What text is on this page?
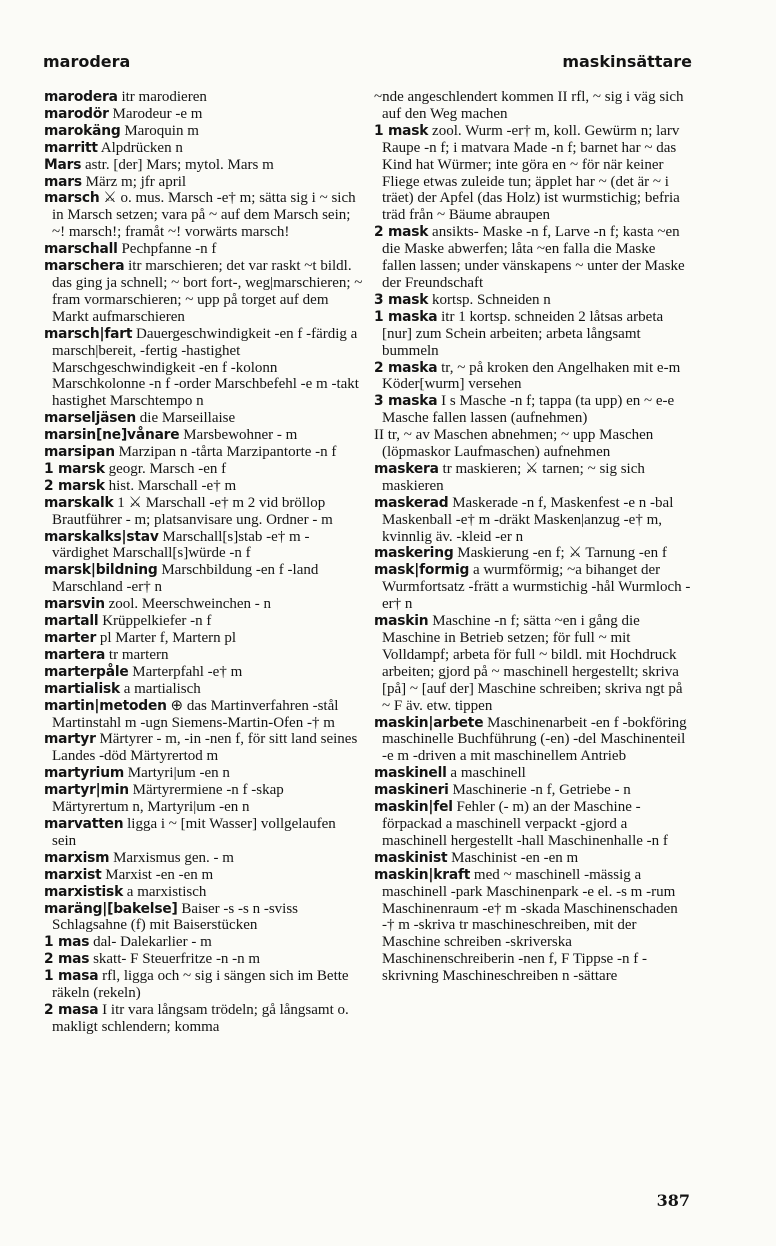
marodera	maskinsättare

marodera itr marodieren

marodör Marodeur -e m

marokäng Maroquin m

marritt Alpdrücken n

Mars astr. [der] Mars; mytol. Mars m

mars März m; jfr april

marsch ⚔ o. mus. Marsch -e† m; sätta sig i ~ sich in Marsch setzen; vara på ~ auf dem Marsch sein; ~! marsch!; framåt ~! vorwärts marsch!

marschall Pechpfanne -n f

marschera itr marschieren; det var raskt ~t bildl. das ging ja schnell; ~ bort fort-, weg|marschieren; ~ fram vormarschieren; ~ upp på torget auf dem Markt aufmarschieren

marsch|fart Dauergeschwindigkeit -en f -färdig a marsch|bereit, -fertig -hastighet Marschgeschwindigkeit -en f -kolonn Marschkolonne -n f -order Marschbefehl -e m -takt hastighet Marschtempo n

marseljäsen die Marseillaise

marsin[ne]vånare Marsbewohner - m

marsipan Marzipan n -tårta Marzipantorte -n f

1 marsk geogr. Marsch -en f

2 marsk hist. Marschall -e† m

marskalk 1 ⚔ Marschall -e† m 2 vid bröllop Brautführer - m; platsanvisare ung. Ordner - m

marskalks|stav Marschall[s]stab -e† m -värdighet Marschall[s]würde -n f

marsk|bildning Marschbildung -en f -land Marschland -er† n

marsvin zool. Meerschweinchen - n

martall Krüppelkiefer -n f

marter pl Marter f, Martern pl

martera tr martern

marterpåle Marterpfahl -e† m

martialisk a martialisch

martin|metoden ⊕ das Martinverfahren -stål Martinstahl m -ugn Siemens-Martin-Ofen -† m

martyr Märtyrer - m, -in -nen f, för sitt land seines Landes -död Märtyrertod m

martyrium Martyri|um -en n

martyr|min Märtyrermiene -n f -skap Märtyrertum n, Martyri|um -en n

marvatten ligga i ~ [mit Wasser] vollgelaufen sein

marxism Marxismus gen. - m

marxist Marxist -en -en m

marxistisk a marxistisch

maräng|[bakelse] Baiser -s -s n -sviss Schlagsahne (f) mit Baiserstücken

1 mas dal- Dalekarlier - m

2 mas skatt- F Steuerfritze -n -n m

1 masa rfl, ligga och ~ sig i sängen sich im Bette räkeln (rekeln)

2 masa I itr vara långsam trödeln; gå långsamt o. makligt schlendern; komma

~nde angeschlendert kommen II rfl, ~ sig i väg sich auf den Weg machen

1 mask zool. Wurm -er† m, koll. Gewürm n; larv Raupe -n f; i matvara Made -n f; barnet har ~ das Kind hat Würmer; inte göra en ~ för när keiner Fliege etwas zuleide tun; äpplet har ~ (det är ~ i träet) der Apfel (das Holz) ist wurmstichig; befria träd från ~ Bäume abraupen

2 mask ansikts- Maske -n f, Larve -n f; kasta ~en die Maske abwerfen; låta ~en falla die Maske fallen lassen; under vänskapens ~ unter der Maske der Freundschaft

3 mask kortsp. Schneiden n

1 maska itr 1 kortsp. schneiden 2 låtsas arbeta [nur] zum Schein arbeiten; arbeta långsamt bummeln

2 maska tr, ~ på kroken den Angelhaken mit e-m Köder[wurm] versehen

3 maska I s Masche -n f; tappa (ta upp) en ~ e-e Masche fallen lassen (aufnehmen)

II tr, ~ av Maschen abnehmen; ~ upp Maschen (löpmaskor Laufmaschen) aufnehmen

maskera tr maskieren; ⚔ tarnen; ~ sig sich maskieren

maskerad Maskerade -n f, Maskenfest -e n -bal Maskenball -e† m -dräkt Masken|anzug -e† m, kvinnlig äv. -kleid -er n

maskering Maskierung -en f; ⚔ Tarnung -en f

mask|formig a wurmförmig; ~a bihanget der Wurmfortsatz -frätt a wurmstichig -hål Wurmloch -er† n

maskin Maschine -n f; sätta ~en i gång die Maschine in Betrieb setzen; för full ~ mit Volldampf; arbeta för full ~ bildl. mit Hochdruck arbeiten; gjord på ~ maschinell hergestellt; skriva [på] ~ [auf der] Maschine schreiben; skriva ngt på ~ F äv. etw. tippen

maskin|arbete Maschinenarbeit -en f -bokföring maschinelle Buchführung (-en) -del Maschinenteil -e m -driven a mit maschinellem Antrieb

maskinell a maschinell

maskineri Maschinerie -n f, Getriebe - n

maskin|fel Fehler (- m) an der Maschine -förpackad a maschinell verpackt -gjord a maschinell hergestellt -hall Maschinenhalle -n f

maskinist Maschinist -en -en m

maskin|kraft med ~ maschinell -mässig a maschinell -park Maschinenpark -e el. -s m -rum Maschinenraum -e† m -skada Maschinenschaden -† m -skriva tr maschineschreiben, mit der Maschine schreiben -skriverska Maschinenschreiberin -nen f, F Tippse -n f -skrivning Maschineschreiben n -sättare

387
